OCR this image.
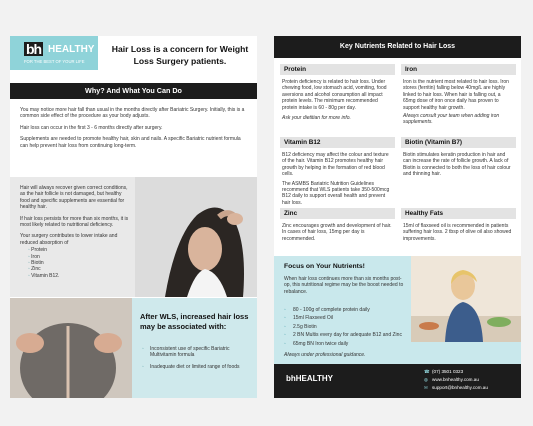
bh HEALTHY
FOR THE BEST OF YOUR LIFE
Hair Loss is a concern for Weight Loss Surgery patients.
Why? And What You Can Do

You may notice more hair fall than usual in the months directly after Bariatric Surgery. Initially, this is a common side effect of the procedure as your body adjusts.

Hair loss can occur in the first 3 - 6 months directly after surgery.

Supplements are needed to promote healthy hair, skin and nails. A specific Bariatric nutrient formula can help prevent hair loss from continuing long-term.

Hair will always recover given correct conditions, as the hair follicle is not damaged, but healthy food and specific supplements are essential for healthy hair.

If hair loss persists for more than six months, it is most likely related to nutritional deficiency.

Your surgery contributes to lower intake and reduced absorption of

◦ Protein
◦ Iron
◦ Biotin
◦ Zinc
◦ Vitamin B12.
After WLS, increased hair loss may be associated with:
◦ Inconsistent use of specific Bariatric Multivitamin formula
◦ Inadequate diet or limited range of foods
Key Nutrients Related to Hair Loss
Protein
Protein deficiency is related to hair loss. Under chewing food, low stomach acid, vomiting, food aversions and alcohol consumption all impact protein levels. The minimum recommended protein intake is 60 - 80g per day.
Ask your dietitian for more info.
Iron
Iron is the nutrient most related to hair loss. Iron stores (ferritin) falling below 40mg/L are highly linked to hair loss. When hair is falling out, a 65mg dose of iron once daily has proven to support healthy hair growth.
Always consult your team when adding iron supplements.
Vitamin B12
B12 deficiency may affect the colour and texture of the hair. Vitamin B12 promotes healthy hair growth by helping in the formation of red blood cells.
The ASMBS Bariatric Nutrition Guidelines recommend that WLS patients take 350-500mcg B12 daily to support overall health and prevent hair loss.
Biotin (Vitamin B7)
Biotin stimulates keratin production in hair and can increase the rate of follicle growth. A lack of Biotin is connected to both the loss of hair colour and thinning hair.
Zinc
Zinc encourages growth and development of hair. In cases of hair loss, 15mg per day is recommended.
Healthy Fats
15ml of flaxseed oil is recommended in patients suffering hair loss. 2 tbsp of olive oil also showed improvements.
Focus on Your Nutrients!
When hair loss continues more than six months post-op, this nutritional regime may be the boost needed to rebalance.
◦ 80 - 100g of complete protein daily
◦ 15ml Flaxseed Oil
◦ 2.5g Biotin
◦ 2 BN Multis every day for adequate B12 and Zinc
◦ 65mg BN Iron twice daily
Always under professional guidance.
bhHEALTHY
☎ (07) 3501 0323
◍ www.bnhealthy.com.au
✉ support@bnhealthy.com.au
